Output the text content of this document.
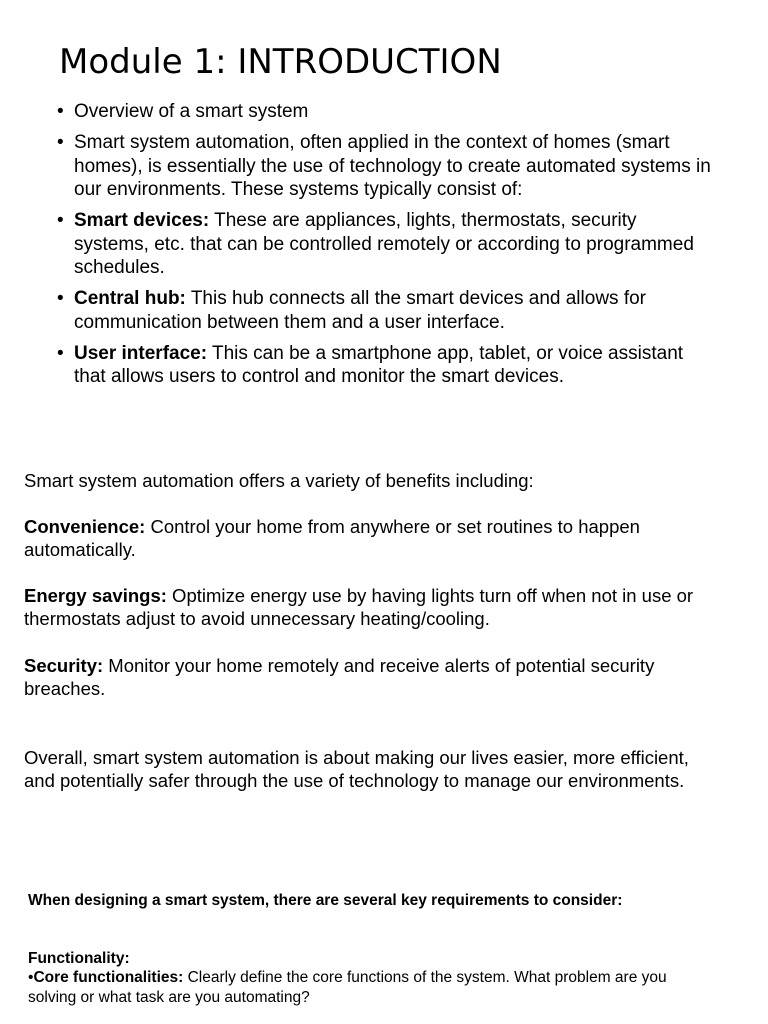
Module 1: INTRODUCTION
• Overview of a smart system
• Smart system automation, often applied in the context of homes (smart homes), is essentially the use of technology to create automated systems in our environments. These systems typically consist of:
• Smart devices: These are appliances, lights, thermostats, security systems, etc. that can be controlled remotely or according to programmed schedules.
• Central hub: This hub connects all the smart devices and allows for communication between them and a user interface.
• User interface: This can be a smartphone app, tablet, or voice assistant that allows users to control and monitor the smart devices.
Smart system automation offers a variety of benefits including:
Convenience: Control your home from anywhere or set routines to happen automatically.
Energy savings: Optimize energy use by having lights turn off when not in use or thermostats adjust to avoid unnecessary heating/cooling.
Security: Monitor your home remotely and receive alerts of potential security breaches.
Overall, smart system automation is about making our lives easier, more efficient, and potentially safer through the use of technology to manage our environments.
When designing a smart system, there are several key requirements to consider:
Functionality:
•Core functionalities: Clearly define the core functions of the system. What problem are you solving or what task are you automating?
